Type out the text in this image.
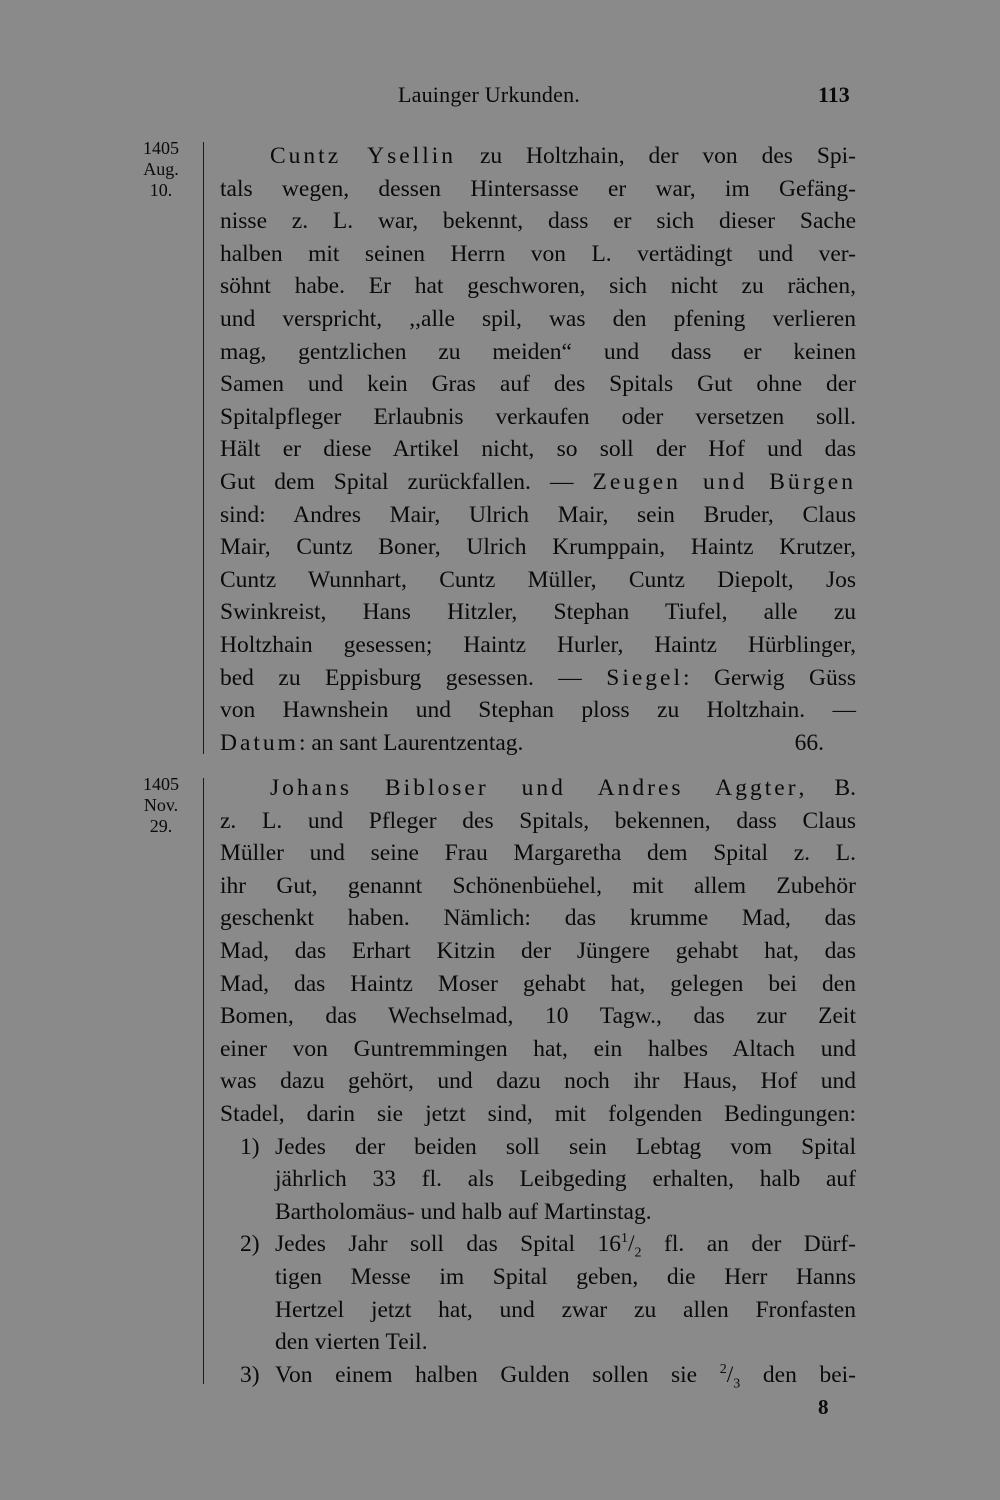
Lauinger Urkunden.	113
1405
Aug.
10.
Cuntz Ysellin zu Holtzhain, der von des Spi-
tals wegen, dessen Hintersasse er war, im Gefäng-
nisse z. L. war, bekennt, dass er sich dieser Sache
halben mit seinen Herrn von L. vertädingt und ver-
söhnt habe. Er hat geschworen, sich nicht zu rächen,
und verspricht, ,,alle spil, was den pfening verlieren
mag, gentzlichen zu meiden“ und dass er keinen
Samen und kein Gras auf des Spitals Gut ohne der
Spitalpfleger Erlaubnis verkaufen oder versetzen soll.
Hält er diese Artikel nicht, so soll der Hof und das
Gut dem Spital zurückfallen. — Zeugen und Bürgen
sind: Andres Mair, Ulrich Mair, sein Bruder, Claus
Mair, Cuntz Boner, Ulrich Krumppain, Haintz Krutzer,
Cuntz Wunnhart, Cuntz Müller, Cuntz Diepolt, Jos
Swinkreist, Hans Hitzler, Stephan Tiufel, alle zu
Holtzhain gesessen; Haintz Hurler, Haintz Hürblinger,
bed zu Eppisburg gesessen. — Siegel: Gerwig Güss
von Hawnshein und Stephan ploss zu Holtzhain. —
Datum: an sant Laurentzentag.	66.
1405
Nov.
29.
Johans Bibloser und Andres Aggter, B.
z. L. und Pfleger des Spitals, bekennen, dass Claus
Müller und seine Frau Margaretha dem Spital z. L.
ihr Gut, genannt Schönenbüehel, mit allem Zubehör
geschenkt haben. Nämlich: das krumme Mad, das
Mad, das Erhart Kitzin der Jüngere gehabt hat, das
Mad, das Haintz Moser gehabt hat, gelegen bei den
Bomen, das Wechselmad, 10 Tagw., das zur Zeit
einer von Guntremmingen hat, ein halbes Altach und
was dazu gehört, und dazu noch ihr Haus, Hof und
Stadel, darin sie jetzt sind, mit folgenden Bedingungen:
1) Jedes der beiden soll sein Lebtag vom Spital
jährlich 33 fl. als Leibgeding erhalten, halb auf
Bartholomäus- und halb auf Martinstag.
2) Jedes Jahr soll das Spital $16^1/_2$ fl. an der Dürf-
tigen Messe im Spital geben, die Herr Hanns
Hertzel jetzt hat, und zwar zu allen Fronfasten
den vierten Teil.
3) Von einem halben Gulden sollen sie $^2/_3$ den bei-
8
